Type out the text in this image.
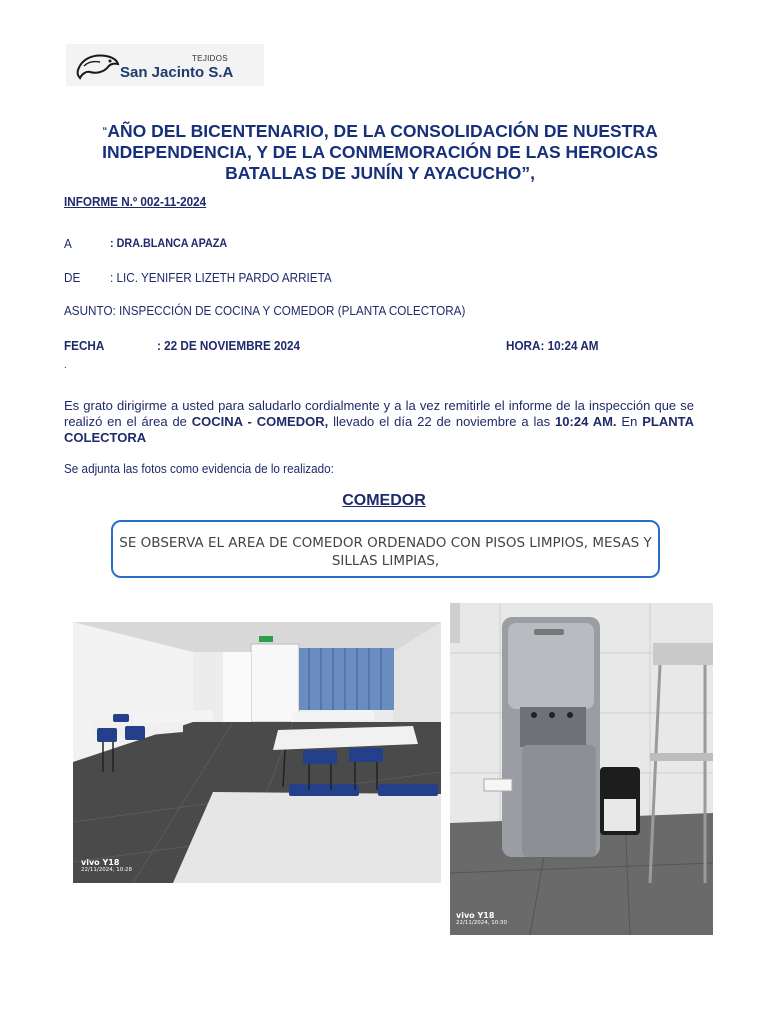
TEJIDOS
San Jacinto S.A
“AÑO DEL BICENTENARIO, DE LA CONSOLIDACIÓN DE NUESTRA INDEPENDENCIA, Y DE LA CONMEMORACIÓN DE LAS HEROICAS BATALLAS DE JUNÍN Y AYACUCHO”,
INFORME N.º 002-11-2024
A	: DRA.BLANCA APAZA
DE : LIC. YENIFER LIZETH PARDO ARRIETA
ASUNTO: INSPECCIÓN DE COCINA Y COMEDOR (PLANTA COLECTORA)
FECHA	: 22 DE NOVIEMBRE 2024	HORA: 10:24 AM
.
Es grato dirigirme a usted para saludarlo cordialmente y a la vez remitirle el informe de la inspección que se realizó en el área de COCINA - COMEDOR, llevado el día 22 de noviembre a las 10:24 AM. En PLANTA COLECTORA
Se adjunta las fotos como evidencia de lo realizado:
COMEDOR
SE OBSERVA EL AREA DE COMEDOR ORDENADO CON PISOS LIMPIOS, MESAS Y SILLAS LIMPIAS,
vivo Y18
22/11/2024, 10:28
vivo Y18
22/11/2024, 10:30
